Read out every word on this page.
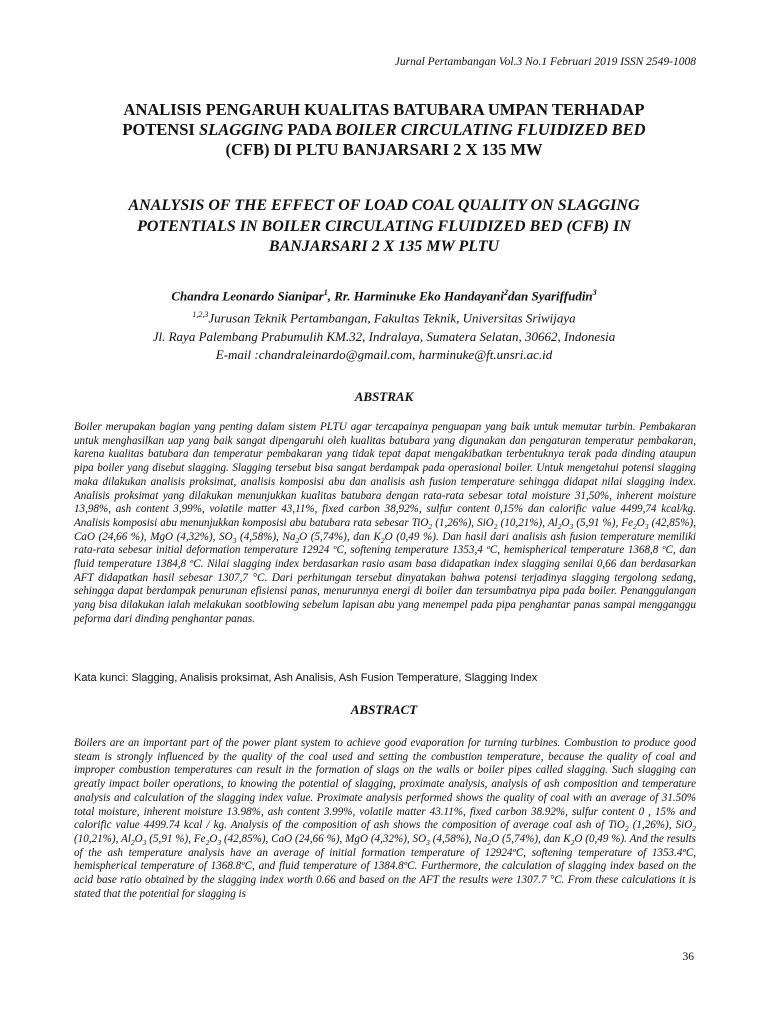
Jurnal Pertambangan Vol.3 No.1 Februari 2019 ISSN 2549-1008
ANALISIS PENGARUH KUALITAS BATUBARA UMPAN TERHADAP
POTENSI SLAGGING PADA BOILER CIRCULATING FLUIDIZED BED
(CFB) DI PLTU BANJARSARI 2 X 135 MW
ANALYSIS OF THE EFFECT OF LOAD COAL QUALITY ON SLAGGING
POTENTIALS IN BOILER CIRCULATING FLUIDIZED BED (CFB) IN
BANJARSARI 2 X 135 MW PLTU
Chandra Leonardo Sianipar$^1$, Rr. Harminuke Eko Handayani$^2$dan Syariffudin$^3$
$^{1,2,3}$Jurusan Teknik Pertambangan, Fakultas Teknik, Universitas Sriwijaya
Jl. Raya Palembang Prabumulih KM.32, Indralaya, Sumatera Selatan, 30662, Indonesia
E-mail :chandraleinardo@gmail.com, harminuke@ft.unsri.ac.id
ABSTRAK

Boiler merupakan bagian yang penting dalam sistem PLTU agar tercapainya penguapan yang baik untuk memutar turbin. Pembakaran untuk menghasilkan uap yang baik sangat dipengaruhi oleh kualitas batubara yang digunakan dan pengaturan temperatur pembakaran, karena kualitas batubara dan temperatur pembakaran yang tidak tepat dapat mengakibatkan terbentuknya terak pada dinding ataupun pipa boiler yang disebut slagging. Slagging tersebut bisa sangat berdampak pada operasional boiler. Untuk mengetahui potensi slagging maka dilakukan analisis proksimat, analisis komposisi abu dan analisis ash fusion temperature sehingga didapat nilai slagging index. Analisis proksimat yang dilakukan menunjukkan kualitas batubara dengan rata-rata sebesar total moisture 31,50%, inherent moisture 13,98%, ash content 3,99%, volatile matter 43,11%, fixed carbon 38,92%, sulfur content 0,15% dan calorific value 4499,74 kcal/kg. Analisis komposisi abu menunjukkan komposisi abu batubara rata sebesar TiO$_2$ (1,26%), SiO$_2$ (10,21%), $Al_2O_3$ (5,91 %), $Fe_2O_3$ (42,85%), CaO (24,66 %), MgO (4,32%), $SO_3$ (4,58%), $Na_2O$ (5,74%), dan $K_2O$ (0,49 %). Dan hasil dari analisis ash fusion temperature memiliki rata-rata sebesar initial deformation temperature 12924 ºC, softening temperature 1353,4 ºC, hemispherical temperature 1368,8 ºC, dan fluid temperature 1384,8 ºC. Nilai slagging index berdasarkan rasio asam basa didapatkan index slagging senilai 0,66 dan berdasarkan AFT didapatkan hasil sebesar 1307,7 °C. Dari perhitungan tersebut dinyatakan bahwa potensi terjadinya slagging tergolong sedang, sehingga dapat berdampak penurunan efisiensi panas, menurunnya energi di boiler dan tersumbatnya pipa pada boiler. Penanggulangan yang bisa dilakukan ialah melakukan sootblowing sebelum lapisan abu yang menempel pada pipa penghantar panas sampai mengganggu peforma dari dinding penghantar panas.

Kata kunci: Slagging, Analisis proksimat, Ash Analisis, Ash Fusion Temperature, Slagging Index
ABSTRACT

Boilers are an important part of the power plant system to achieve good evaporation for turning turbines. Combustion to produce good steam is strongly influenced by the quality of the coal used and setting the combustion temperature, because the quality of coal and improper combustion temperatures can result in the formation of slags on the walls or boiler pipes called slagging. Such slagging can greatly impact boiler operations, to knowing the potential of slagging, proximate analysis, analysis of ash composition and temperature analysis and calculation of the slagging index value. Proximate analysis performed shows the quality of coal with an average of 31.50% total moisture, inherent moisture 13.98%, ash content 3.99%, volatile matter 43.11%, fixed carbon 38.92%, sulfur content 0 , 15% and calorific value 4499.74 kcal / kg. Analysis of the composition of ash shows the composition of average coal ash of TiO$_2$ (1,26%), SiO$_2$ (10,21%), $Al_2O_3$ (5,91 %), $Fe_2O_3$ (42,85%), CaO (24,66 %), MgO (4,32%), $SO_3$ (4,58%), $Na_2O$ (5,74%), dan $K_2O$ (0,49 %). And the results of the ash temperature analysis have an average of initial formation temperature of 12924ºC, softening temperature of 1353.4ºC, hemispherical temperature of 1368.8ºC, and fluid temperature of 1384.8ºC. Furthermore, the calculation of slagging index based on the acid base ratio obtained by the slagging index worth 0.66 and based on the AFT the results were 1307.7 °C. From these calculations it is stated that the potential for slagging is

36
